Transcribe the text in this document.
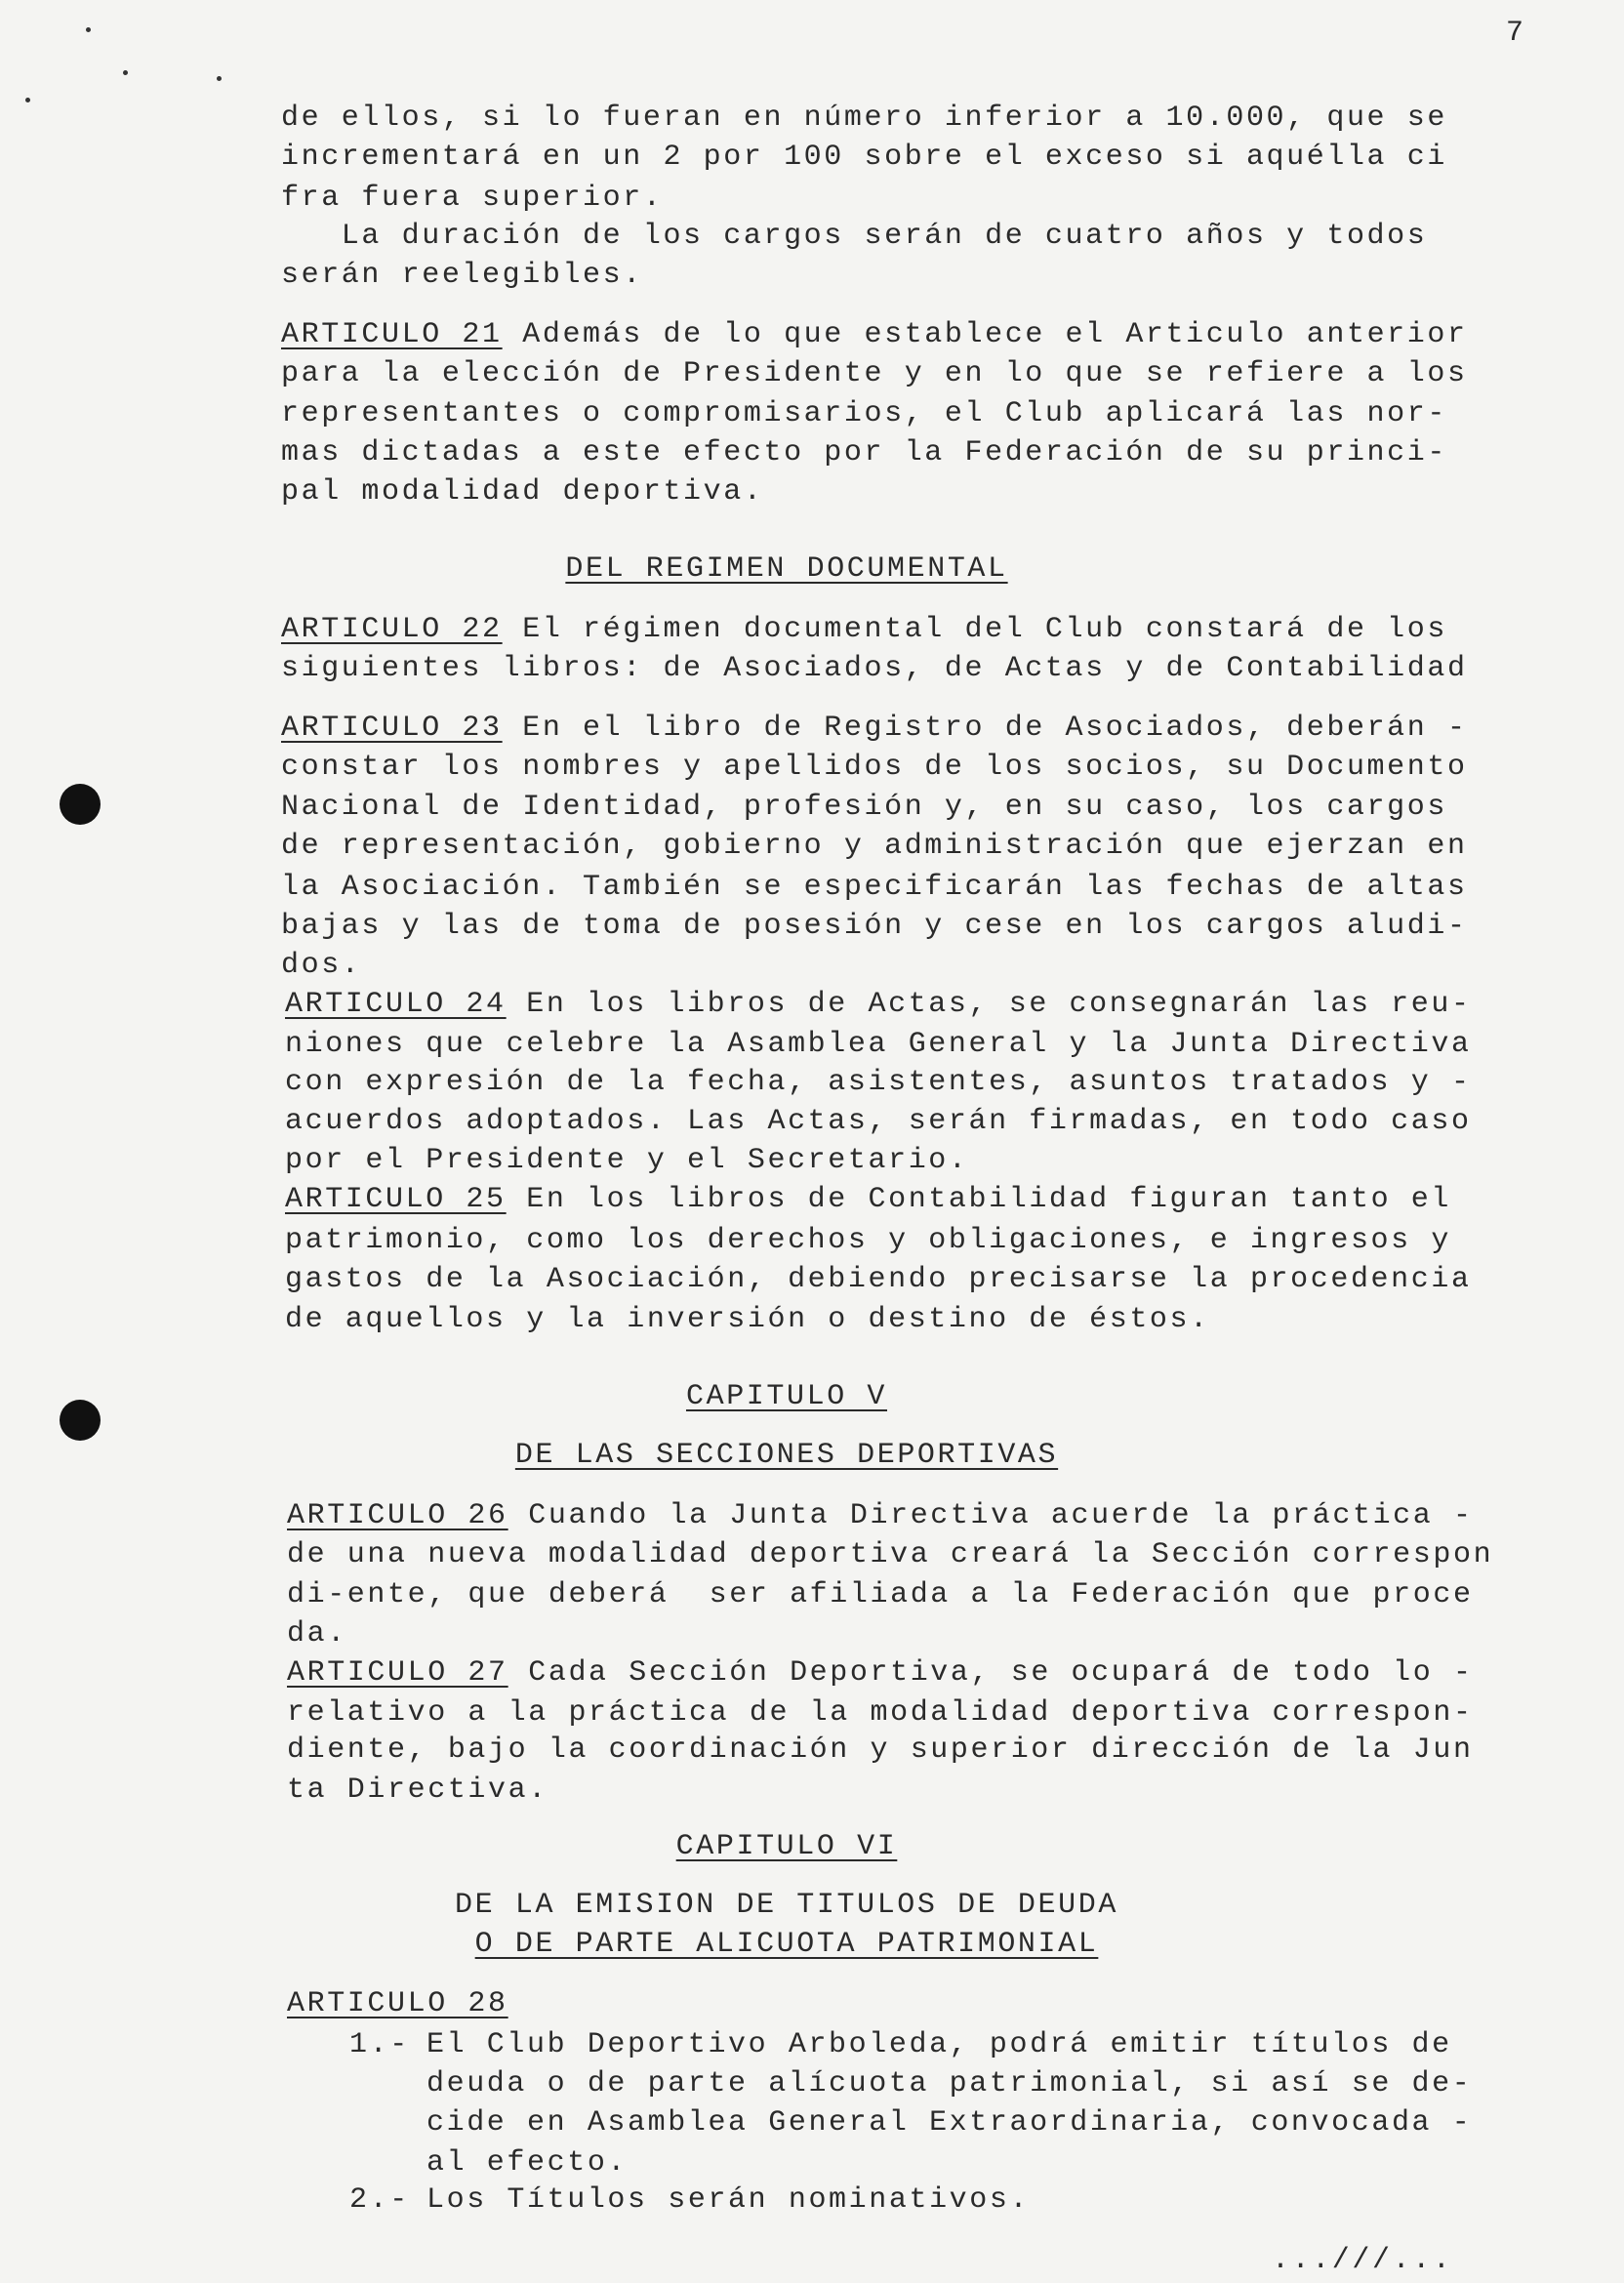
7
de ellos, si lo fueran en número inferior a 10.000, que se
incrementará en un 2 por 100 sobre el exceso si aquélla ci
fra fuera superior.
La duración de los cargos serán de cuatro años y todos
serán reelegibles.
ARTICULO 21 Además de lo que establece el Articulo anterior
para la elección de Presidente y en lo que se refiere a los
representantes o compromisarios, el Club aplicará las nor-
mas dictadas a este efecto por la Federación de su princi-
pal modalidad deportiva.
DEL REGIMEN DOCUMENTAL
ARTICULO 22 El régimen documental del Club constará de los
siguientes libros: de Asociados, de Actas y de Contabilidad
ARTICULO 23 En el libro de Registro de Asociados, deberán -
constar los nombres y apellidos de los socios, su Documento
Nacional de Identidad, profesión y, en su caso, los cargos
de representación, gobierno y administración que ejerzan en
la Asociación. También se especificarán las fechas de altas
bajas y las de toma de posesión y cese en los cargos aludi-
dos.
ARTICULO 24 En los libros de Actas, se consegnarán las reu-
niones que celebre la Asamblea General y la Junta Directiva
con expresión de la fecha, asistentes, asuntos tratados y -
acuerdos adoptados. Las Actas, serán firmadas, en todo caso
por el Presidente y el Secretario.
ARTICULO 25 En los libros de Contabilidad figuran tanto el
patrimonio, como los derechos y obligaciones, e ingresos y
gastos de la Asociación, debiendo precisarse la procedencia
de aquellos y la inversión o destino de éstos.
CAPITULO V
DE LAS SECCIONES DEPORTIVAS
ARTICULO 26 Cuando la Junta Directiva acuerde la práctica -
de una nueva modalidad deportiva creará la Sección correspon
di-ente, que deberá  ser afiliada a la Federación que proce
da.
ARTICULO 27 Cada Sección Deportiva, se ocupará de todo lo -
relativo a la práctica de la modalidad deportiva correspon-
diente, bajo la coordinación y superior dirección de la Jun
ta Directiva.
CAPITULO VI
DE LA EMISION DE TITULOS DE DEUDA
O DE PARTE ALICUOTA PATRIMONIAL
ARTICULO 28
1.- El Club Deportivo Arboleda, podrá emitir títulos de
deuda o de parte alícuota patrimonial, si así se de-
cide en Asamblea General Extraordinaria, convocada -
al efecto.
2.- Los Títulos serán nominativos.
...///...
